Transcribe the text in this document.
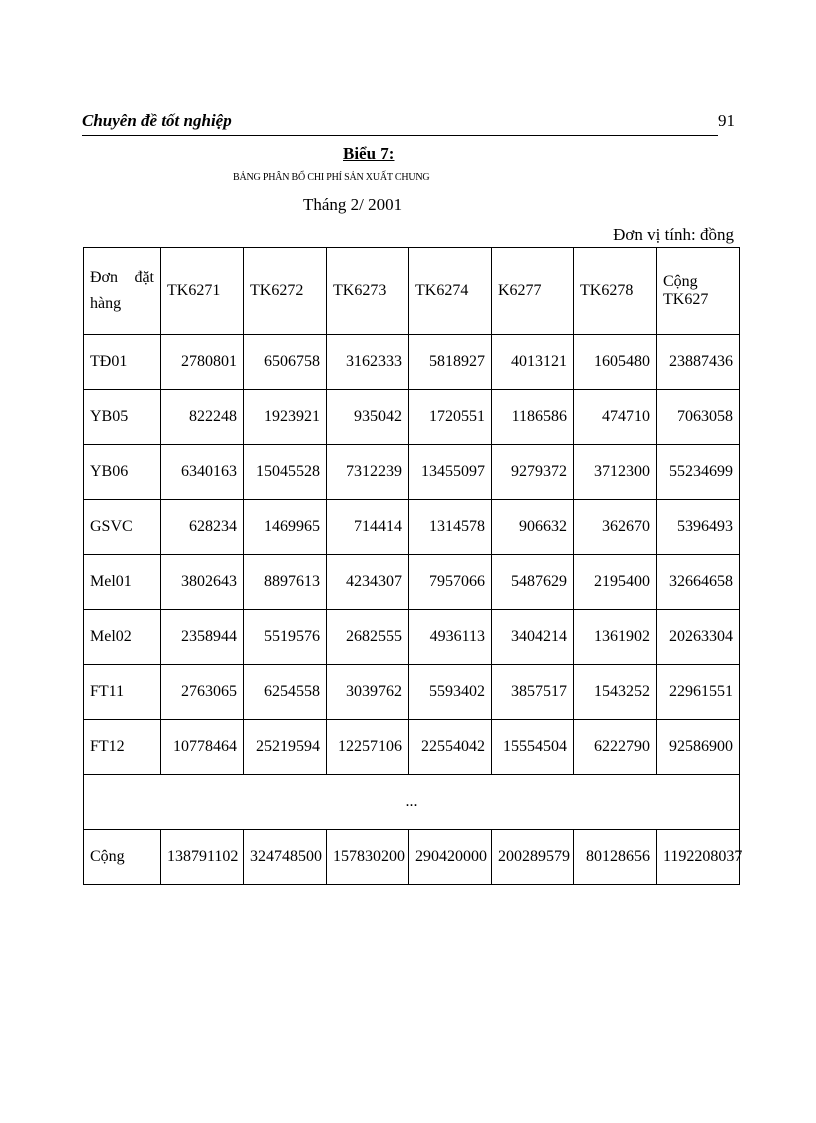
Chuyên đề tốt nghiệp	91
Biểu 7:
BẢNG PHÂN BỔ CHI PHÍ SẢN XUẤT CHUNG
Tháng 2/ 2001
Đơn vị tính: đồng
Đơn đặt
hàng	TK6271	TK6272	TK6273	TK6274	K6277	TK6278	Cộng TK627
TĐ01	2780801	6506758	3162333	5818927	4013121	1605480	23887436
YB05	822248	1923921	935042	1720551	1186586	474710	7063058
YB06	6340163	15045528	7312239	13455097	9279372	3712300	55234699
GSVC	628234	1469965	714414	1314578	906632	362670	5396493
Mel01	3802643	8897613	4234307	7957066	5487629	2195400	32664658
Mel02	2358944	5519576	2682555	4936113	3404214	1361902	20263304
FT11	2763065	6254558	3039762	5593402	3857517	1543252	22961551
FT12	10778464	25219594	12257106	22554042	15554504	6222790	92586900
...							
Cộng	138791102	324748500	157830200	290420000	200289579	80128656	1192208037
